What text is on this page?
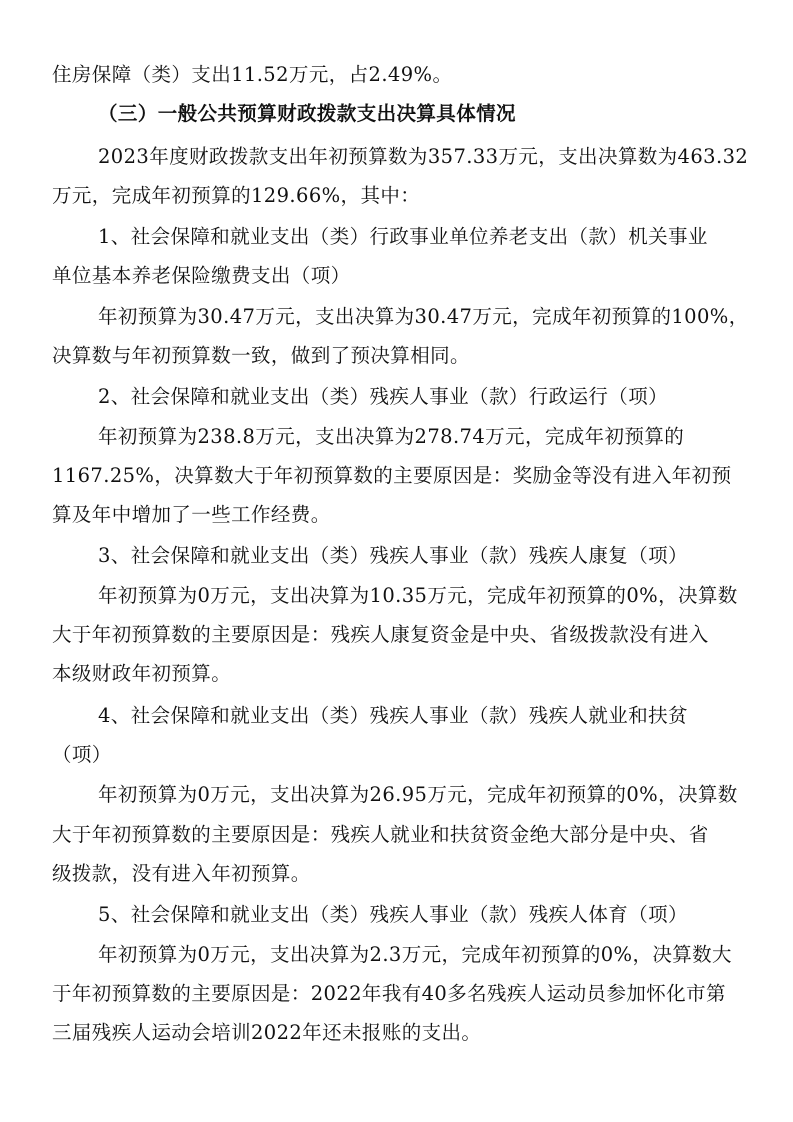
住房保障（类）支出11.52万元，占2.49%。
（三）一般公共预算财政拨款支出决算具体情况
2023年度财政拨款支出年初预算数为357.33万元，支出决算数为463.32
万元，完成年初预算的129.66%，其中：
1、社会保障和就业支出（类）行政事业单位养老支出（款）机关事业
单位基本养老保险缴费支出（项）
年初预算为30.47万元，支出决算为30.47万元，完成年初预算的100%，
决算数与年初预算数一致，做到了预决算相同。
2、社会保障和就业支出（类）残疾人事业（款）行政运行（项）
年初预算为238.8万元，支出决算为278.74万元，完成年初预算的
1167.25%，决算数大于年初预算数的主要原因是：奖励金等没有进入年初预
算及年中增加了一些工作经费。
3、社会保障和就业支出（类）残疾人事业（款）残疾人康复（项）
年初预算为0万元，支出决算为10.35万元，完成年初预算的0%，决算数
大于年初预算数的主要原因是：残疾人康复资金是中央、省级拨款没有进入
本级财政年初预算。
4、社会保障和就业支出（类）残疾人事业（款）残疾人就业和扶贫
（项）
年初预算为0万元，支出决算为26.95万元，完成年初预算的0%，决算数
大于年初预算数的主要原因是：残疾人就业和扶贫资金绝大部分是中央、省
级拨款，没有进入年初预算。
5、社会保障和就业支出（类）残疾人事业（款）残疾人体育（项）
年初预算为0万元，支出决算为2.3万元，完成年初预算的0%，决算数大
于年初预算数的主要原因是：2022年我有40多名残疾人运动员参加怀化市第
三届残疾人运动会培训2022年还未报账的支出。
